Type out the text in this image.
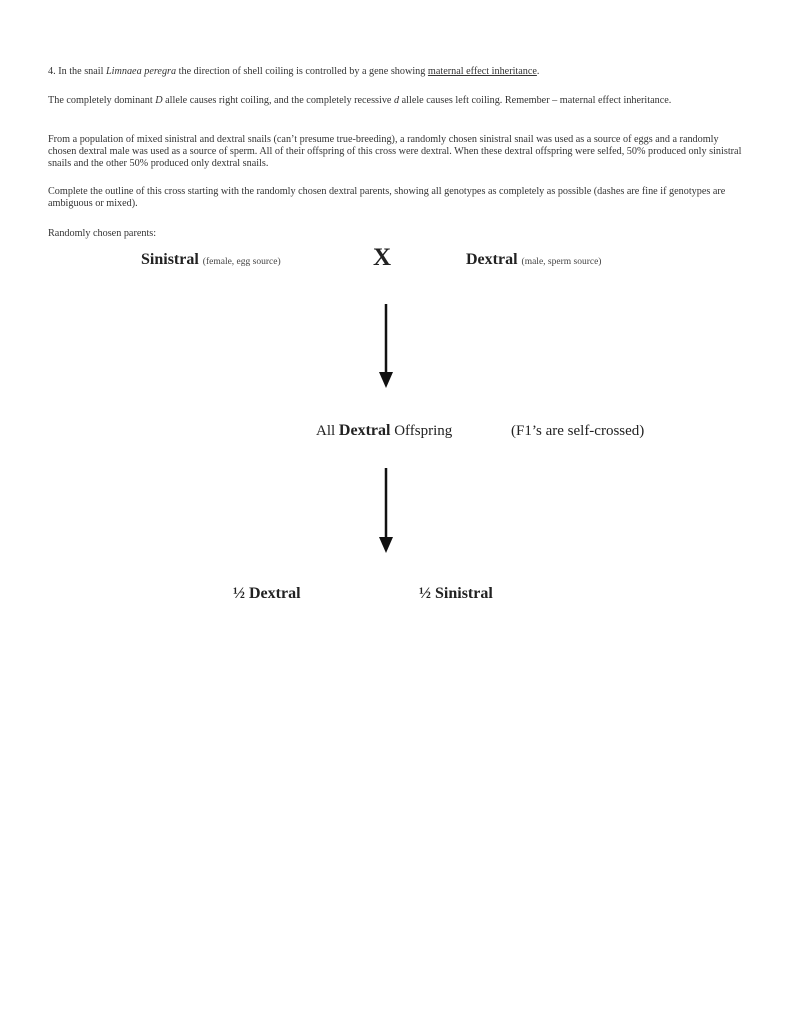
4. In the snail Limnaea peregra the direction of shell coiling is controlled by a gene showing maternal effect inheritance.
The completely dominant D allele causes right coiling, and the completely recessive d allele causes left coiling. Remember – maternal effect inheritance.
From a population of mixed sinistral and dextral snails (can’t presume true-breeding), a randomly chosen sinistral snail was used as a source of eggs and a randomly chosen dextral male was used as a source of sperm. All of their offspring of this cross were dextral. When these dextral offspring were selfed, 50% produced only sinistral snails and the other 50% produced only dextral snails.
Complete the outline of this cross starting with the randomly chosen dextral parents, showing all genotypes as completely as possible (dashes are fine if genotypes are ambiguous or mixed).
Randomly chosen parents:
Sinistral (female, egg source)	X	Dextral (male, sperm source)
All Dextral Offspring	(F1’s are self-crossed)
½ Dextral	½ Sinistral
